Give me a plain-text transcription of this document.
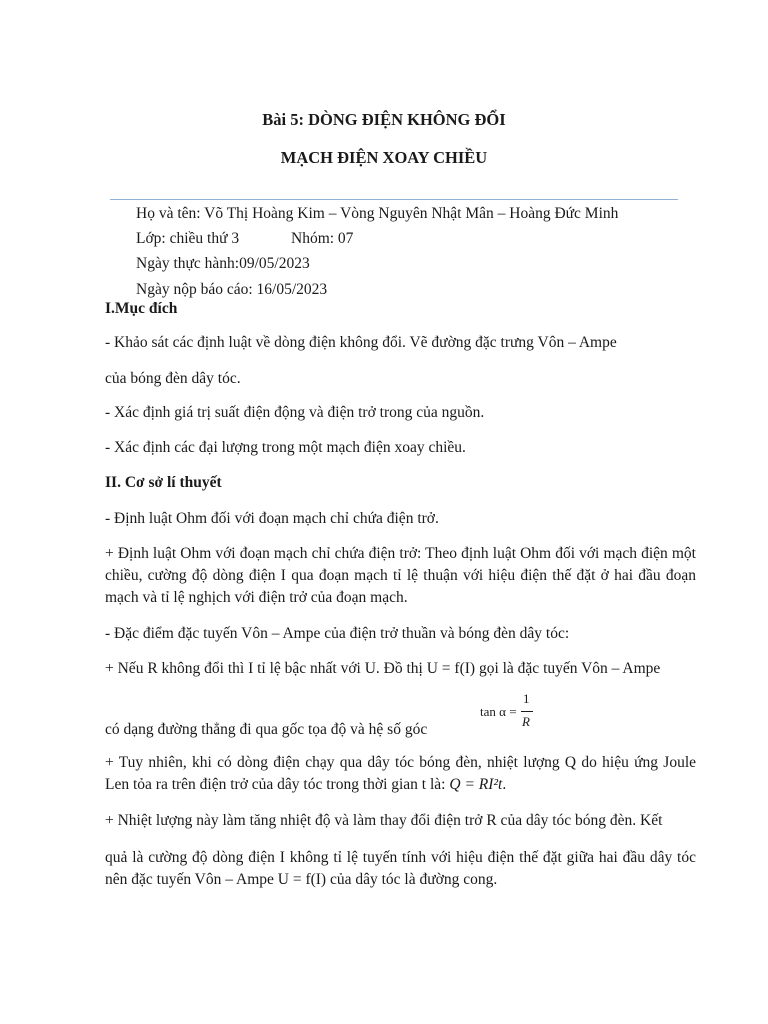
Bài 5: DÒNG ĐIỆN KHÔNG ĐỔI
MẠCH ĐIỆN XOAY CHIỀU
Họ và tên: Võ Thị Hoàng Kim – Vòng Nguyên Nhật Mân – Hoàng Đức Minh
Lớp: chiều thứ 3	Nhóm: 07
Ngày thực hành:09/05/2023
Ngày nộp báo cáo: 16/05/2023
I.Mục đích
- Khảo sát các định luật về dòng điện không đổi. Vẽ đường đặc trưng Vôn – Ampe
của bóng đèn dây tóc.
- Xác định giá trị suất điện động và điện trở trong của nguồn.
- Xác định các đại lượng trong một mạch điện xoay chiều.
II. Cơ sở lí thuyết
- Định luật Ohm đối với đoạn mạch chỉ chứa điện trở.
+ Định luật Ohm với đoạn mạch chỉ chứa điện trở: Theo định luật Ohm đối với mạch điện một chiều, cường độ dòng điện I qua đoạn mạch tỉ lệ thuận với hiệu điện thế đặt ở hai đầu đoạn mạch và tỉ lệ nghịch với điện trở của đoạn mạch.
- Đặc điểm đặc tuyến Vôn – Ampe của điện trở thuần và bóng đèn dây tóc:
+ Nếu R không đổi thì I tỉ lệ bậc nhất với U. Đồ thị U = f(I) gọi là đặc tuyến Vôn – Ampe
có dạng đường thẳng đi qua gốc tọa độ và hệ số góc
tan α =
1
R
+ Tuy nhiên, khi có dòng điện chạy qua dây tóc bóng đèn, nhiệt lượng Q do hiệu ứng Joule Len tỏa ra trên điện trở của dây tóc trong thời gian t là: Q = RI²t.
+ Nhiệt lượng này làm tăng nhiệt độ và làm thay đổi điện trở R của dây tóc bóng đèn. Kết
quả là cường độ dòng điện I không tỉ lệ tuyến tính với hiệu điện thế đặt giữa hai đầu dây tóc nên đặc tuyến Vôn – Ampe U = f(I) của dây tóc là đường cong.
